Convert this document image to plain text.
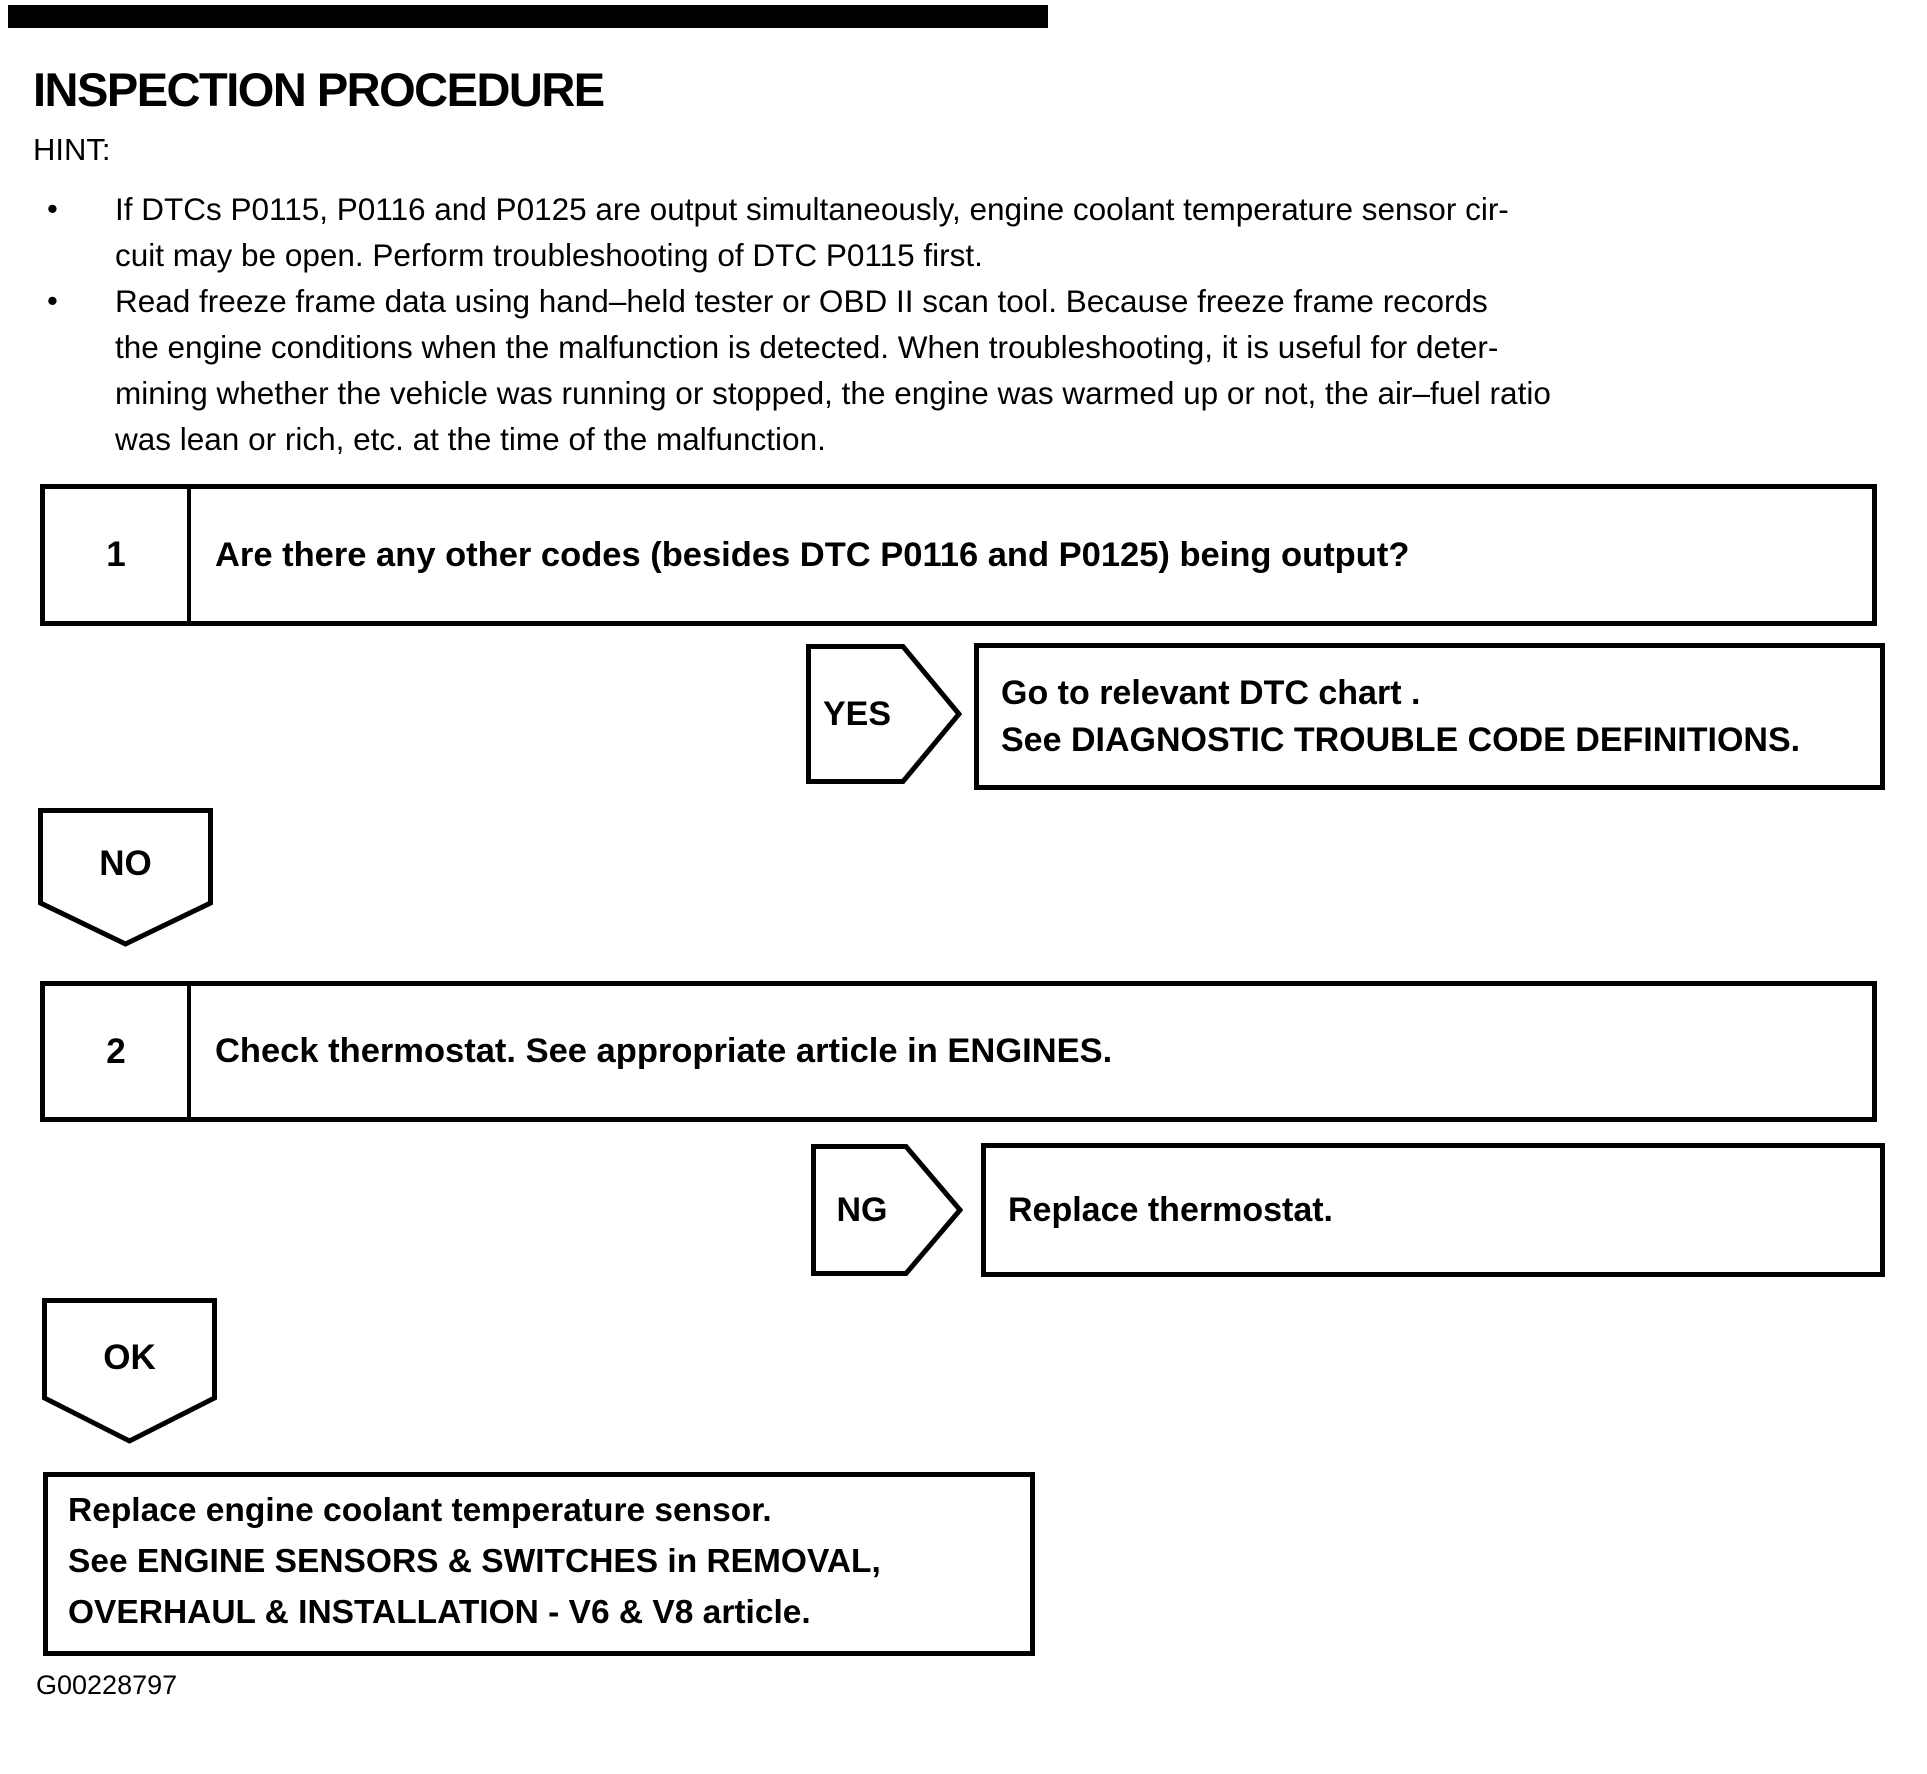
INSPECTION PROCEDURE
HINT:
•	If DTCs P0115, P0116 and P0125 are output simultaneously, engine coolant temperature sensor cir-
cuit may be open. Perform troubleshooting of DTC P0115 first.
•	Read freeze frame data using hand–held tester or OBD II scan tool. Because freeze frame records
the engine conditions when the malfunction is detected. When troubleshooting, it is useful for deter-
mining whether the vehicle was running or stopped, the engine was warmed up or not, the air–fuel ratio
was lean or rich, etc. at the time of the malfunction.
1	Are there any other codes (besides DTC P0116 and P0125) being output?
YES
Go to relevant DTC chart .
See DIAGNOSTIC TROUBLE CODE DEFINITIONS.
NO
2	Check thermostat. See appropriate article in ENGINES.
NG	Replace thermostat.
OK
Replace engine coolant temperature sensor.
See ENGINE SENSORS & SWITCHES in REMOVAL,
OVERHAUL & INSTALLATION - V6 & V8 article.
G00228797
